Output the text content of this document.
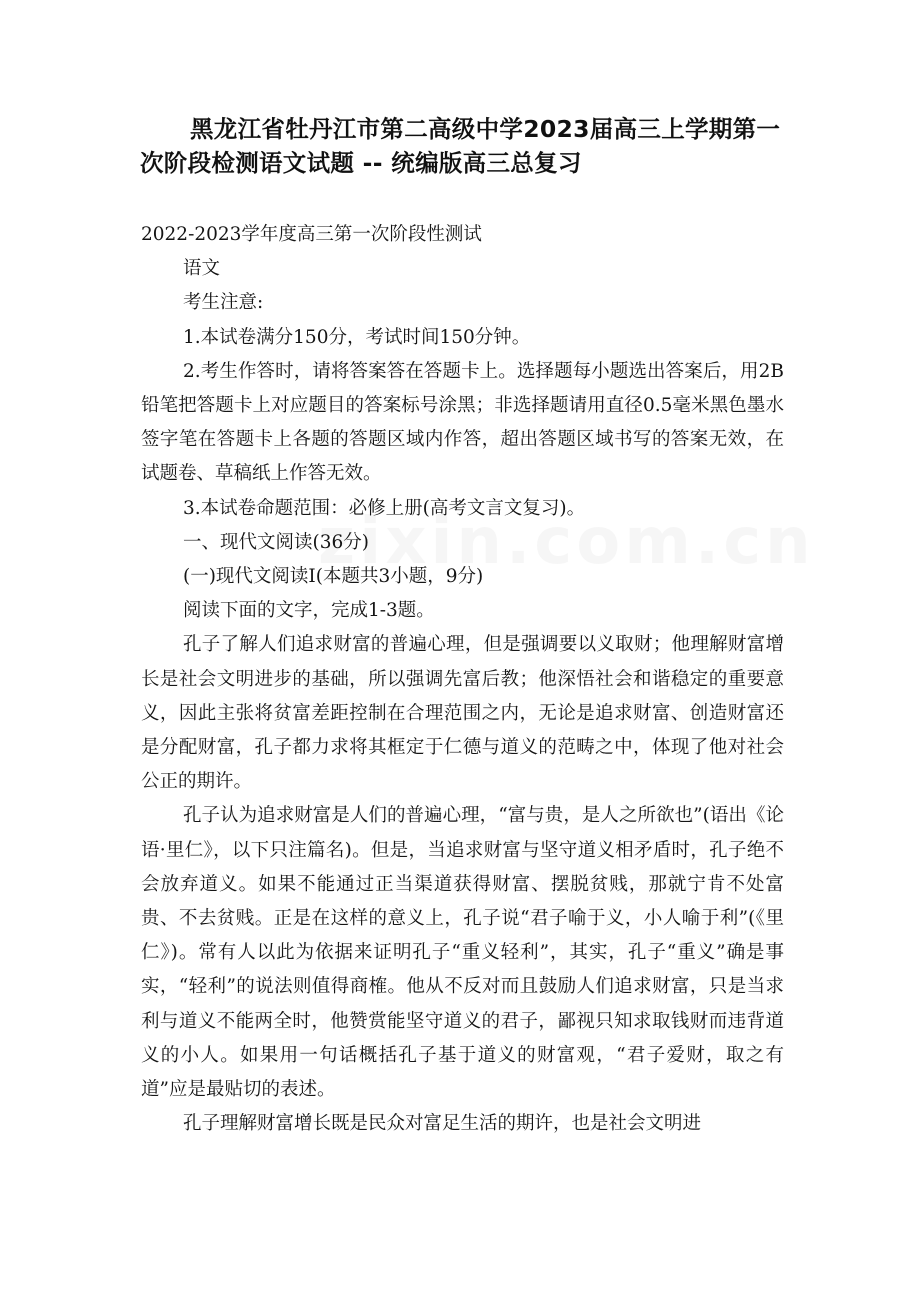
黑龙江省牡丹江市第二高级中学2023届高三上学期第一次阶段检测语文试题 -- 统编版高三总复习

2022-2023学年度高三第一次阶段性测试

语文

考生注意:

1.本试卷满分150分，考试时间150分钟。

2.考生作答时，请将答案答在答题卡上。选择题每小题选出答案后，用2B铅笔把答题卡上对应题目的答案标号涂黑；非选择题请用直径0.5毫米黑色墨水签字笔在答题卡上各题的答题区域内作答，超出答题区域书写的答案无效，在试题卷、草稿纸上作答无效。

3.本试卷命题范围：必修上册(高考文言文复习)。

一、现代文阅读(36分)

(一)现代文阅读Ⅰ(本题共3小题，9分)

阅读下面的文字，完成1-3题。

孔子了解人们追求财富的普遍心理，但是强调要以义取财；他理解财富增长是社会文明进步的基础，所以强调先富后教；他深悟社会和谐稳定的重要意义，因此主张将贫富差距控制在合理范围之内，无论是追求财富、创造财富还是分配财富，孔子都力求将其框定于仁德与道义的范畴之中，体现了他对社会公正的期许。

孔子认为追求财富是人们的普遍心理，“富与贵，是人之所欲也”(语出《论语·里仁》，以下只注篇名)。但是，当追求财富与坚守道义相矛盾时，孔子绝不会放弃道义。如果不能通过正当渠道获得财富、摆脱贫贱，那就宁肯不处富贵、不去贫贱。正是在这样的意义上，孔子说“君子喻于义，小人喻于利”(《里仁》)。常有人以此为依据来证明孔子“重义轻利”，其实，孔子“重义”确是事实，“轻利”的说法则值得商榷。他从不反对而且鼓励人们追求财富，只是当求利与道义不能两全时，他赞赏能坚守道义的君子，鄙视只知求取钱财而违背道义的小人。如果用一句话概括孔子基于道义的财富观，“君子爱财，取之有道”应是最贴切的表述。

孔子理解财富增长既是民众对富足生活的期许，也是社会文明进
